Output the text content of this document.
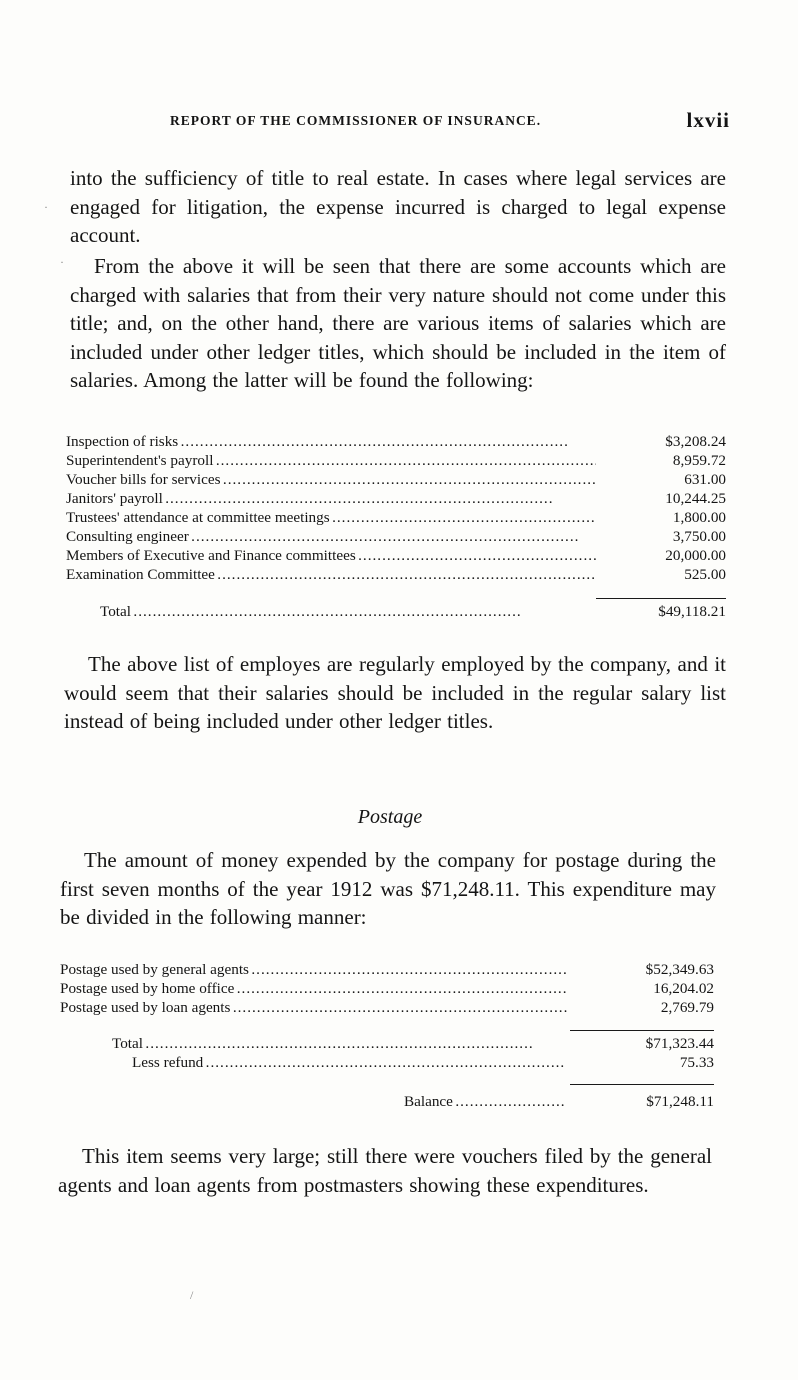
REPORT OF THE COMMISSIONER OF INSURANCE.	lxvii

into the sufficiency of title to real estate. In cases where legal services are engaged for litigation, the expense incurred is charged to legal expense account.

From the above it will be seen that there are some accounts which are charged with salaries that from their very nature should not come under this title; and, on the other hand, there are various items of salaries which are included under other ledger titles, which should be included in the item of salaries. Among the latter will be found the following:

Inspection of risks . . .	$3,208.24
Superintendent's payroll . . .	8,959.72
Voucher bills for services . . .	631.00
Janitors' payroll . . .	10,244.25
Trustees' attendance at committee meetings . . .	1,800.00
Consulting engineer . . .	3,750.00
Members of Executive and Finance committees . . .	20,000.00
Examination Committee . . .	525.00
Total . . .	$49,118.21

The above list of employes are regularly employed by the company, and it would seem that their salaries should be included in the regular salary list instead of being included under other ledger titles.

Postage

The amount of money expended by the company for postage during the first seven months of the year 1912 was $71,248.11. This expenditure may be divided in the following manner:

Postage used by general agents . . .	$52,349.63
Postage used by home office . . .	16,204.02
Postage used by loan agents . . .	2,769.79
Total . . .	$71,323.44
Less refund . . .	75.33
Balance . . .	$71,248.11

This item seems very large; still there were vouchers filed by the general agents and loan agents from postmasters showing these expenditures.

·
·
/
